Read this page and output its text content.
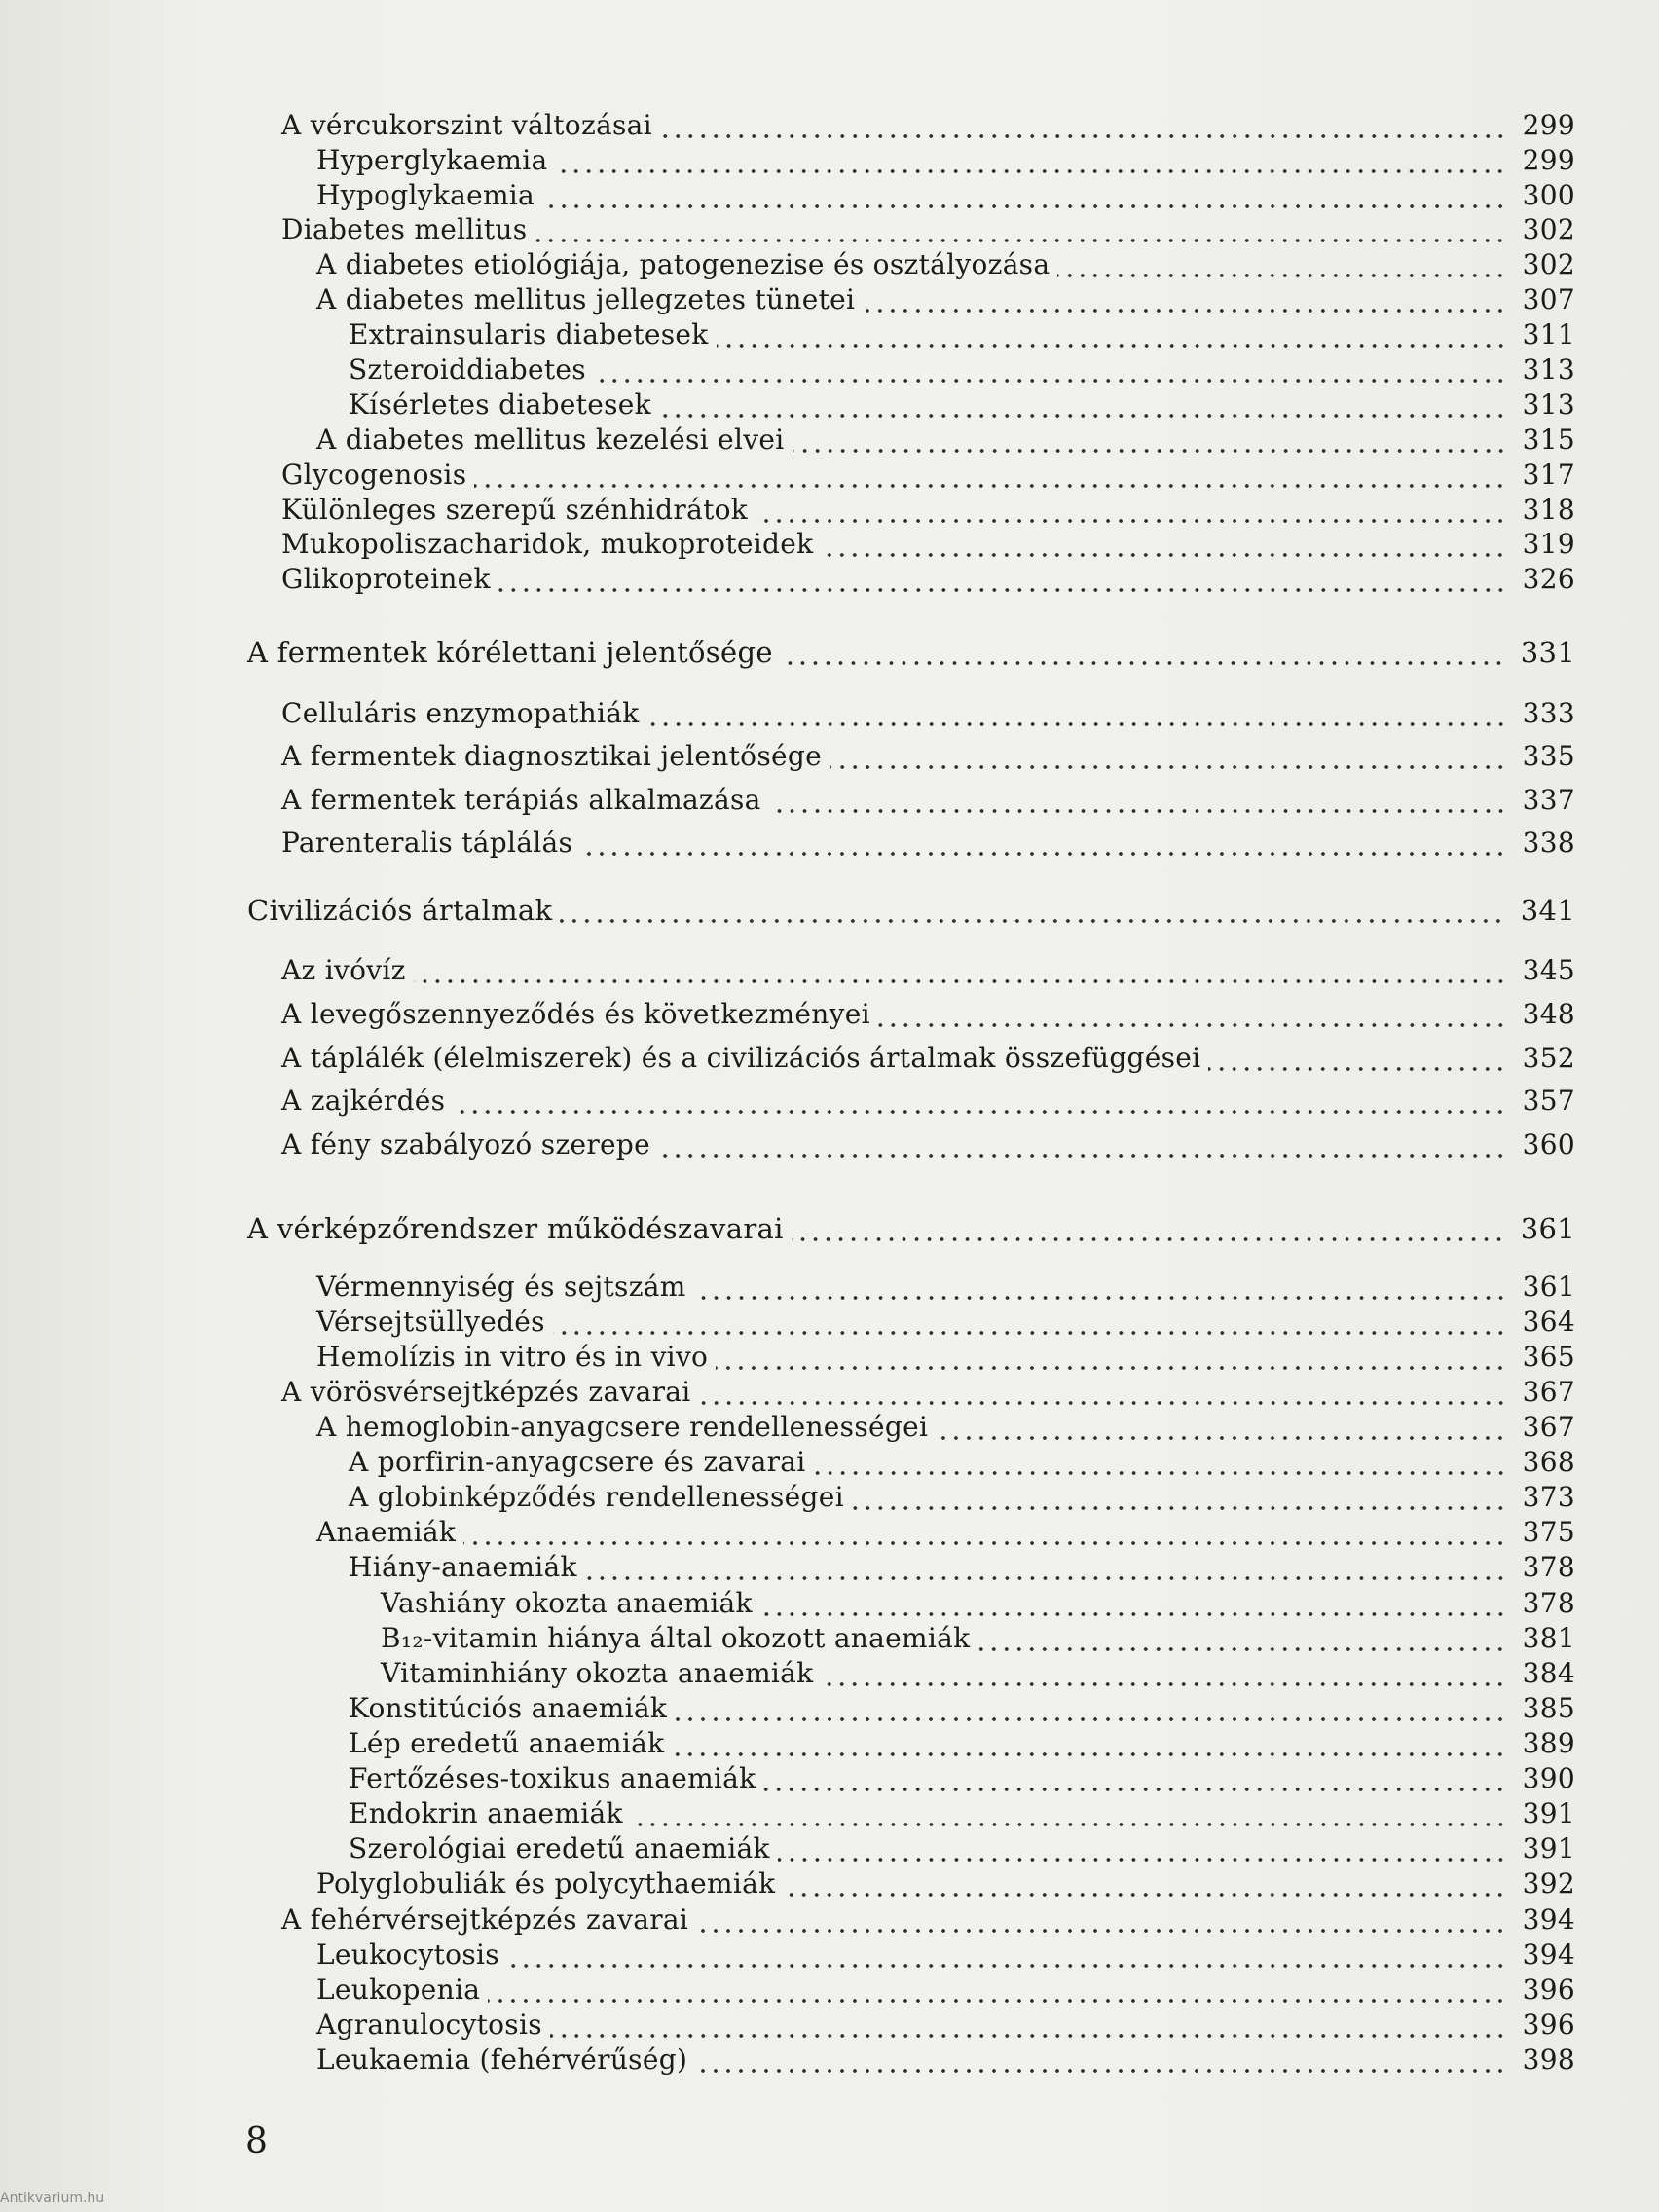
A vércukorszint változásai	299
Hyperglykaemia	299
Hypoglykaemia	300
Diabetes mellitus	302
A diabetes etiológiája, patogenezise és osztályozása	302
A diabetes mellitus jellegzetes tünetei	307
Extrainsularis diabetesek	311
Szteroiddiabetes	313
Kísérletes diabetesek	313
A diabetes mellitus kezelési elvei	315
Glycogenosis	317
Különleges szerepű szénhidrátok	318
Mukopoliszacharidok, mukoproteidek	319
Glikoproteinek	326
A fermentek kórélettani jelentősége	331
Celluláris enzymopathiák	333
A fermentek diagnosztikai jelentősége	335
A fermentek terápiás alkalmazása	337
Parenteralis táplálás	338
Civilizációs ártalmak	341
Az ivóvíz	345
A levegőszennyeződés és következményei	348
A táplálék (élelmiszerek) és a civilizációs ártalmak összefüggései	352
A zajkérdés	357
A fény szabályozó szerepe	360
A vérképzőrendszer működészavarai	361
Vérmennyiség és sejtszám	361
Vérsejtsüllyedés	364
Hemolízis in vitro és in vivo	365
A vörösvérsejtképzés zavarai	367
A hemoglobin-anyagcsere rendellenességei	367
A porfirin-anyagcsere és zavarai	368
A globinképződés rendellenességei	373
Anaemiák	375
Hiány-anaemiák	378
Vashiány okozta anaemiák	378
B₁₂-vitamin hiánya által okozott anaemiák	381
Vitaminhiány okozta anaemiák	384
Konstitúciós anaemiák	385
Lép eredetű anaemiák	389
Fertőzéses-toxikus anaemiák	390
Endokrin anaemiák	391
Szerológiai eredetű anaemiák	391
Polyglobuliák és polycythaemiák	392
A fehérvérsejtképzés zavarai	394
Leukocytosis	394
Leukopenia	396
Agranulocytosis	396
Leukaemia (fehérvérűség)	398
8
Antikvarium.hu
